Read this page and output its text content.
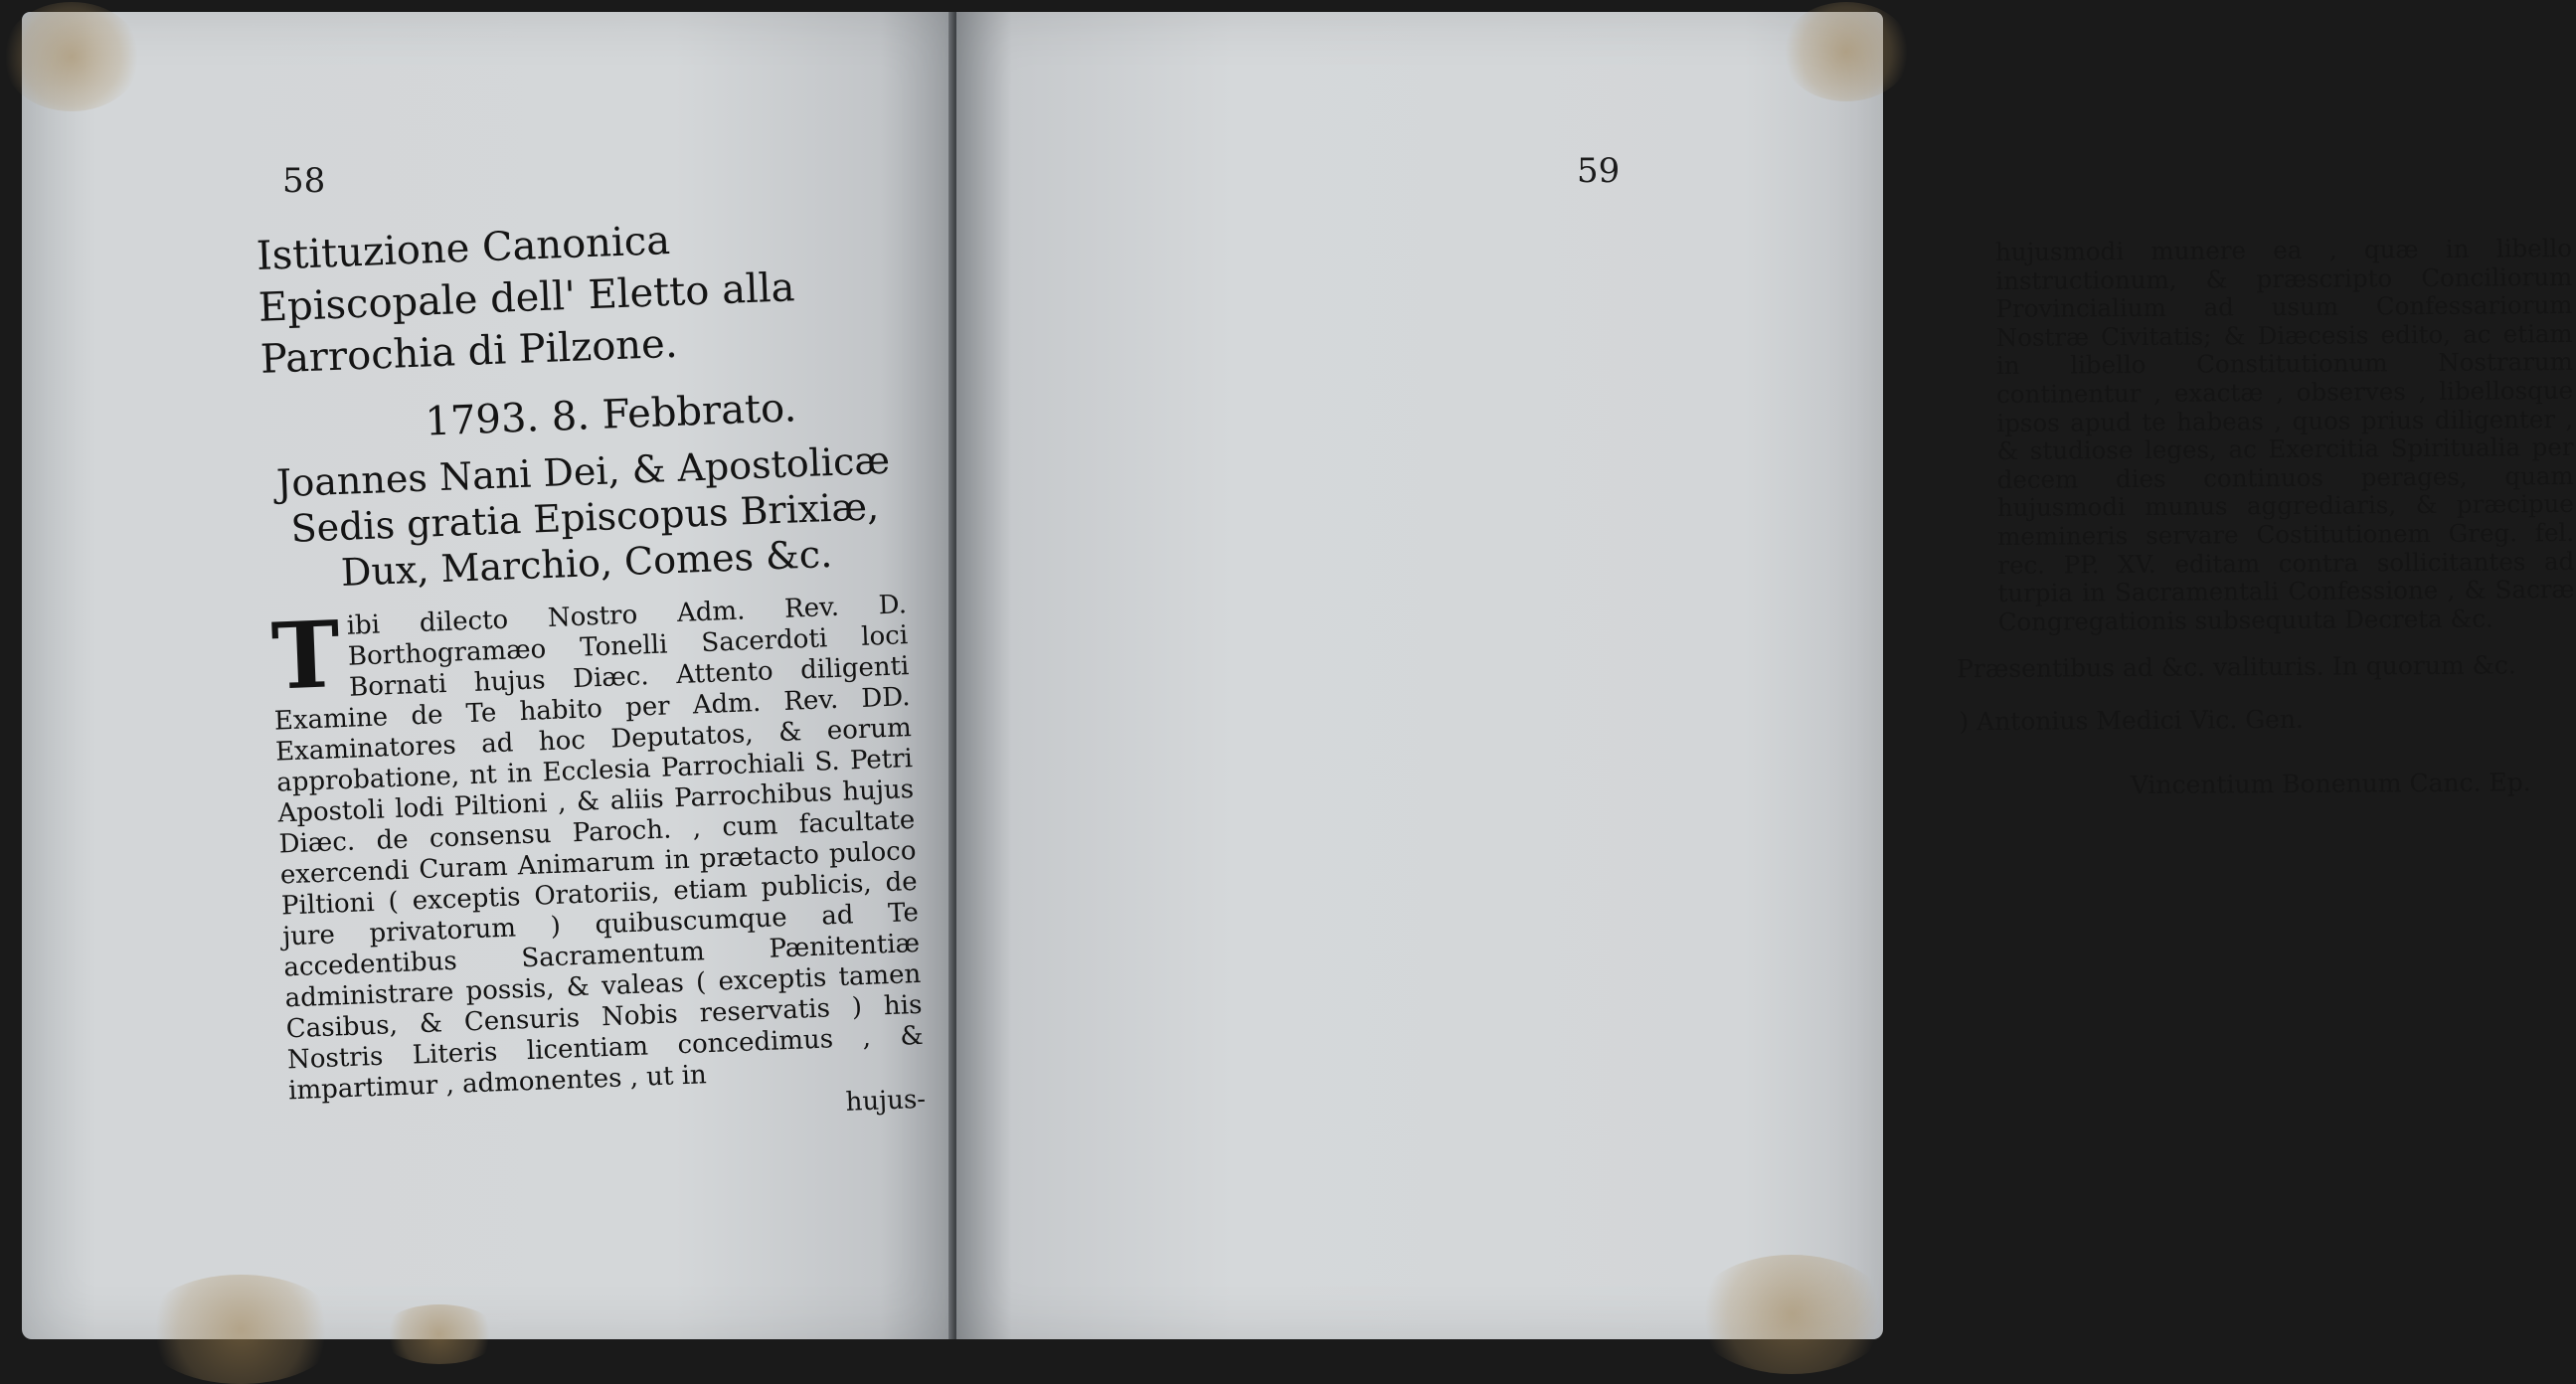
58
Istituzione Canonica Episcopale dell' Eletto alla Parrochia di Pilzone.
1793. 8. Febbrato.
Joannes Nani Dei, & Apostolicæ Sedis gratia Episcopus Brixiæ, Dux, Marchio, Comes &c.

Tibi dilecto Nostro Adm. Rev. D. Borthogramæo Tonelli Sacerdoti loci Bornati hujus Diæc. Attento diligenti Examine de Te habito per Adm. Rev. DD. Examinatores ad hoc Deputatos, & eorum approbatione, nt in Ecclesia Parrochiali S. Petri Apostoli lodi Piltioni , & aliis Parrochibus hujus Diæc. de consensu Paroch. , cum facultate exercendi Curam Animarum in prætacto puloco Piltioni ( exceptis Oratoriis, etiam publicis, de jure privatorum ) quibuscumque ad Te accedentibus Sacramentum Pænitentiæ administrare possis, & valeas ( exceptis tamen Casibus, & Censuris Nobis reservatis ) his Nostris Literis licentiam concedimus , & impartimur , admonentes , ut in	hujus-
59

hujusmodi munere ea , quæ in libello instructionum, & præscripto Conciliorum Provincialium ad usum Confessariorum Nostræ Civitatis; & Diæcesis edito, ac etiam in libello Constitutionum Nostrarum continentur , exactæ , observes , libellosque ipsos apud te habeas , quos prius diligenter , & studiose leges, ac Exercitia Spiritualia per decem dies continuos perages, quam hujusmodi munus aggrediaris, & præcipue memineris servare Costitutionem Greg. fel. rec. PP. XV. editam contra sollicitantes ad turpia in Sacramentali Confessione , & Sacræ Congregationis subsequuta Decreta &c.

Præsentibus ad &c. valituris. In quorum &c.

) Antonius Medici Vic. Gen.

Vincentium Bonenum Canc. Ep.
